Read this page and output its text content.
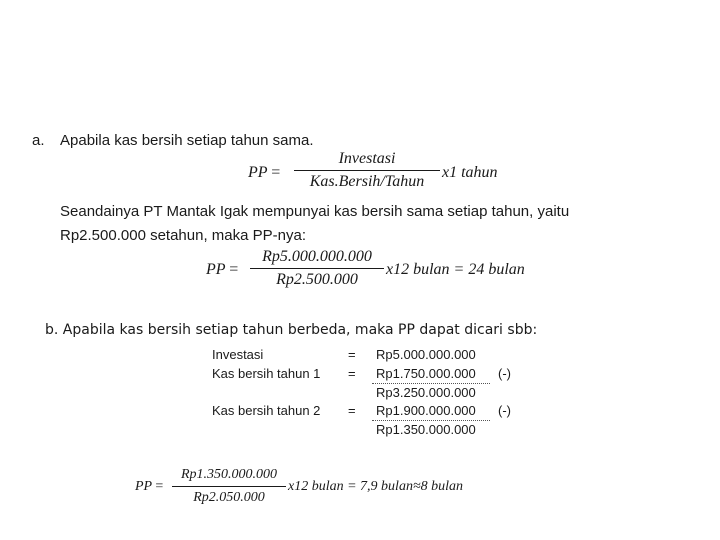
a. Apabila kas bersih setiap tahun sama.
PP =
Investasi
Kas.Bersih/Tahun
x1 tahun
Seandainya PT Mantak Igak mempunyai kas bersih sama setiap tahun, yaitu
Rp2.500.000 setahun, maka PP-nya:
PP =
Rp5.000.000.000
Rp2.500.000
x12 bulan = 24 bulan
b. Apabila kas bersih setiap tahun berbeda, maka PP dapat dicari sbb:
Investasi	= Rp5.000.000.000
Kas bersih tahun 1 = Rp1.750.000.000 (-)
Rp3.250.000.000
Kas bersih tahun 2 = Rp1.900.000.000 (-)
Rp1.350.000.000
PP =
Rp1.350.000.000
Rp2.050.000
x12 bulan = 7,9 bulan≈8 bulan
